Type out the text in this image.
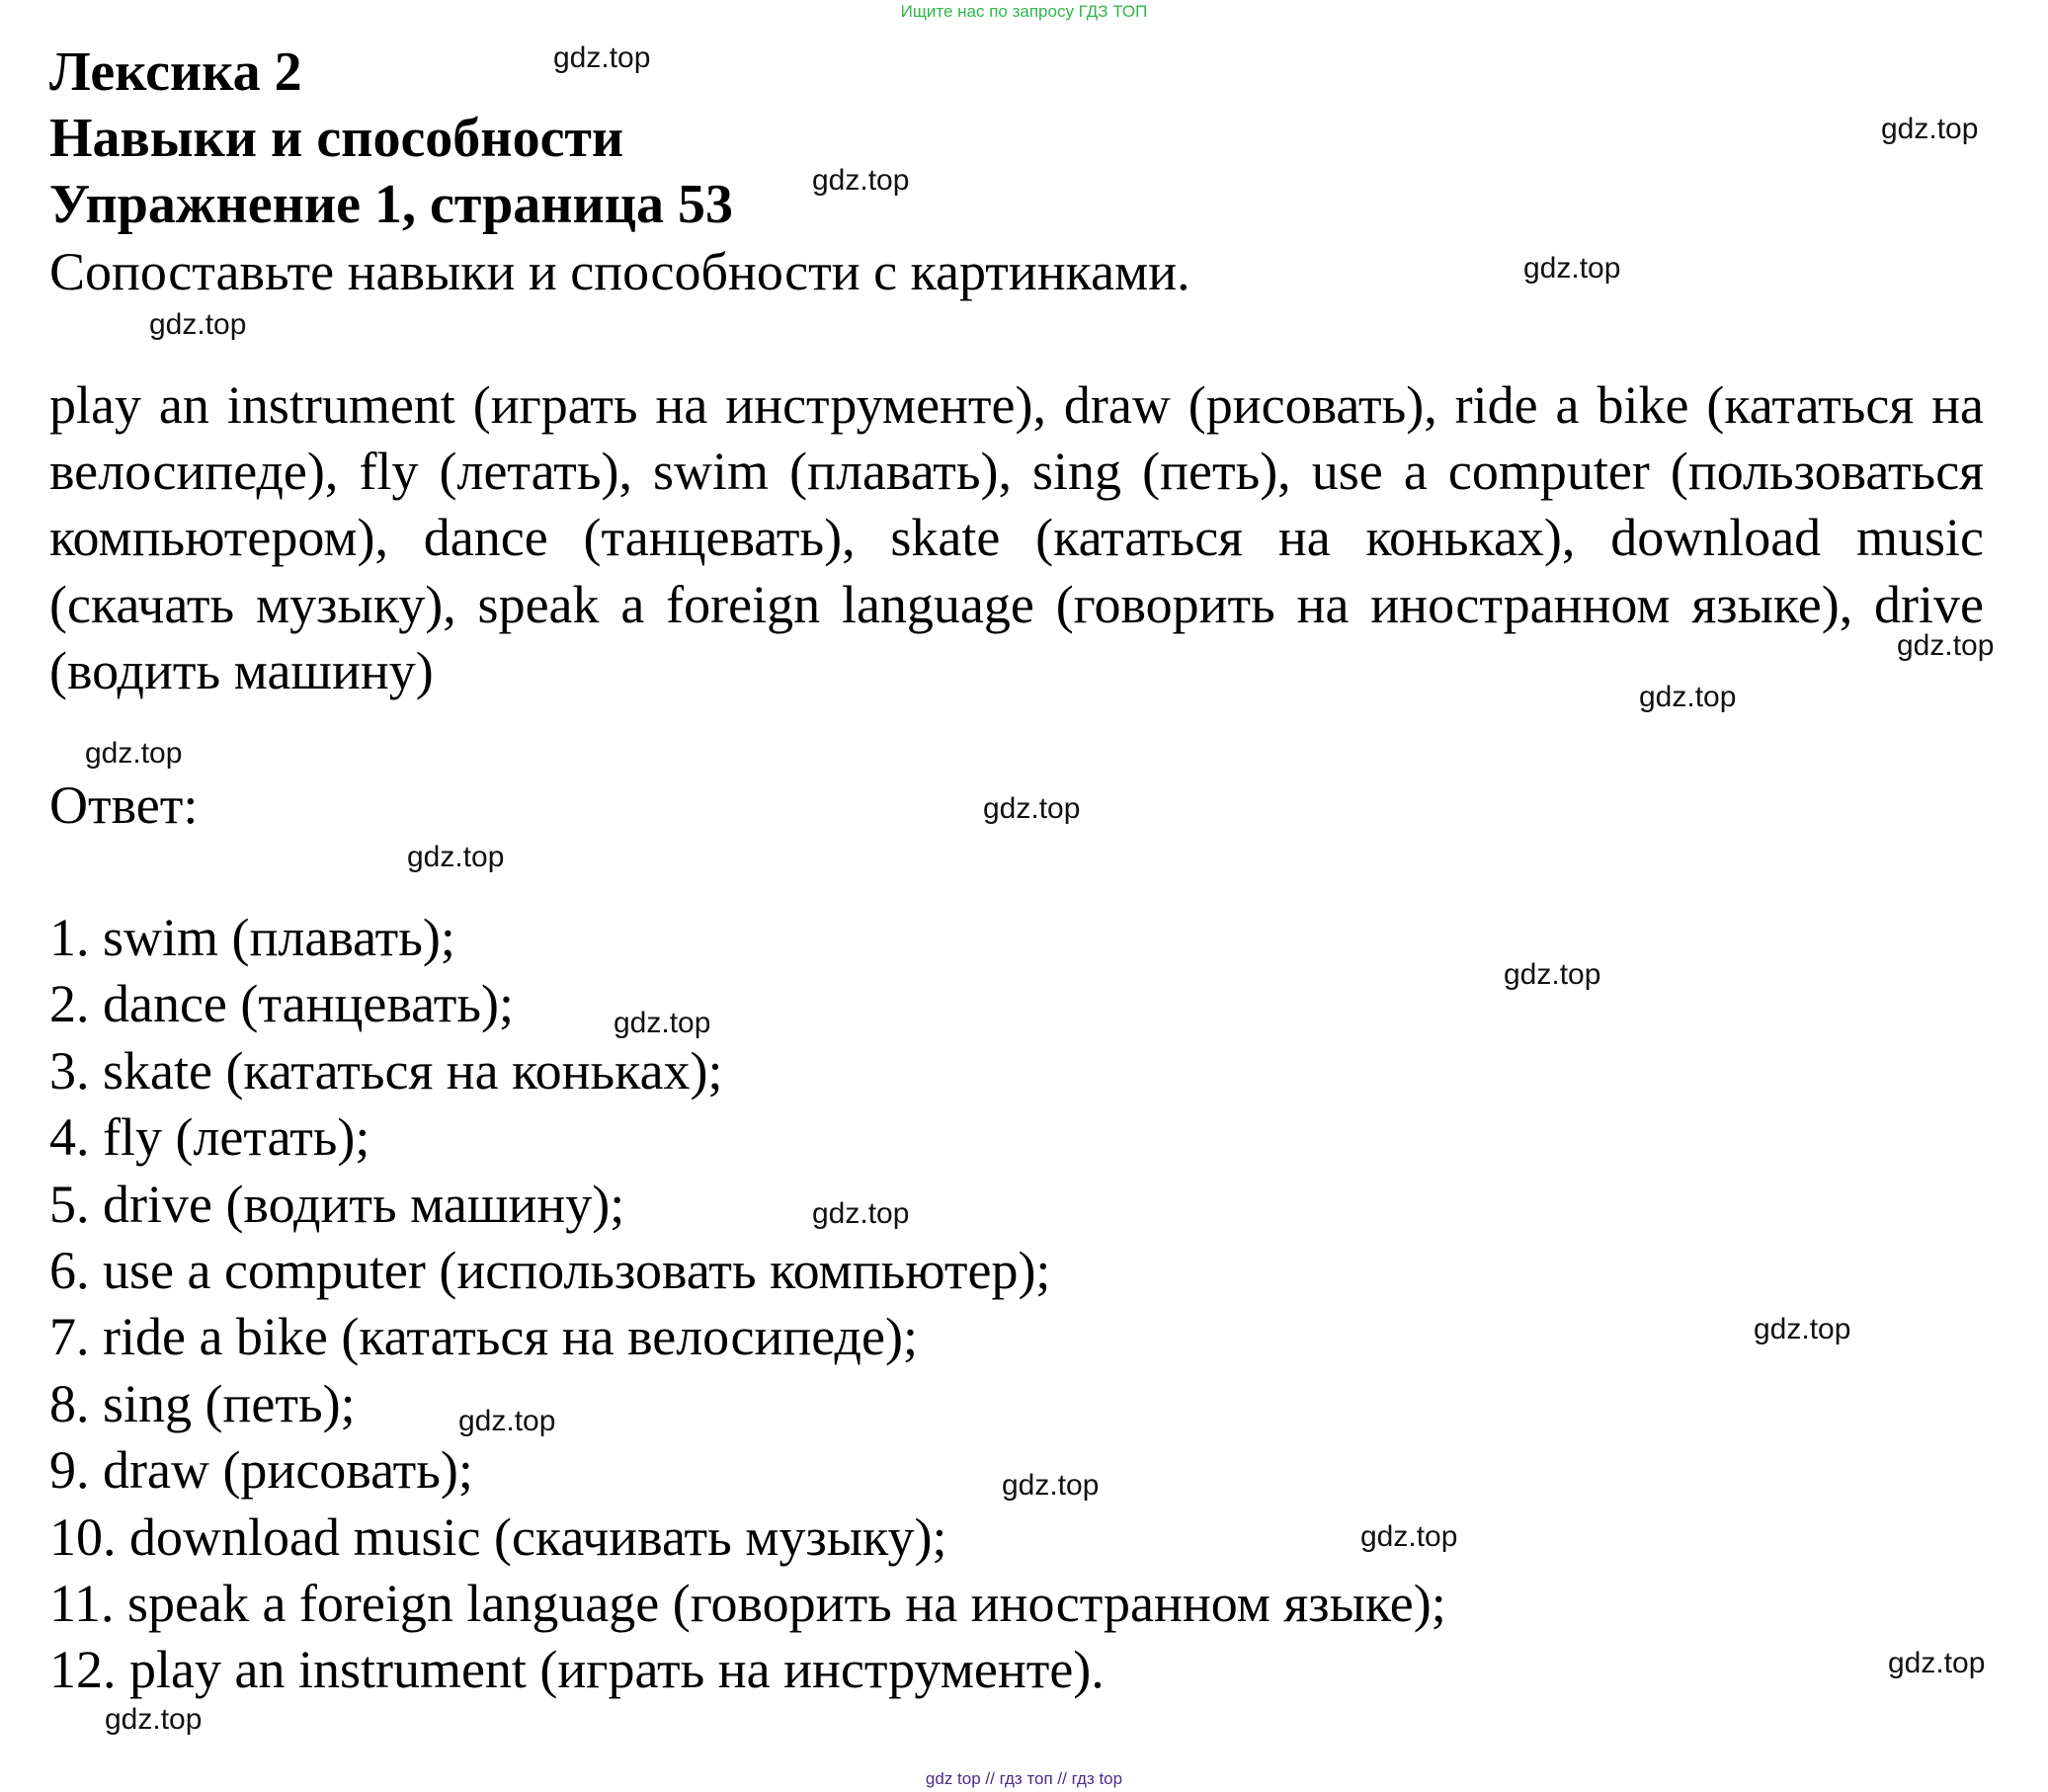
Ищите нас по запросу ГДЗ ТОП
Лексика 2
Навыки и способности
Упражнение 1, страница 53

Сопоставьте навыки и способности с картинками.

play an instrument (играть на инструменте), draw (рисовать), ride a bike (кататься на велосипеде), fly (летать), swim (плавать), sing (петь), use a computer (пользоваться компьютером), dance (танцевать), skate (кататься на коньках), download music (скачать музыку), speak a foreign language (говорить на иностранном языке), drive (водить машину)

Ответ:

1. swim (плавать);
2. dance (танцевать);
3. skate (кататься на коньках);
4. fly (летать);
5. drive (водить машину);
6. use a computer (использовать компьютер);
7. ride a bike (кататься на велосипеде);
8. sing (петь);
9. draw (рисовать);
10. download music (скачивать музыку);
11. speak a foreign language (говорить на иностранном языке);
12. play an instrument (играть на инструменте).
gdz.top
gdz.top
gdz.top
gdz.top
gdz.top
gdz.top
gdz.top
gdz.top
gdz.top
gdz.top
gdz.top
gdz.top
gdz.top
gdz.top
gdz.top
gdz.top
gdz.top
gdz.top
gdz.top
gdz top // гдз топ // гдз top
